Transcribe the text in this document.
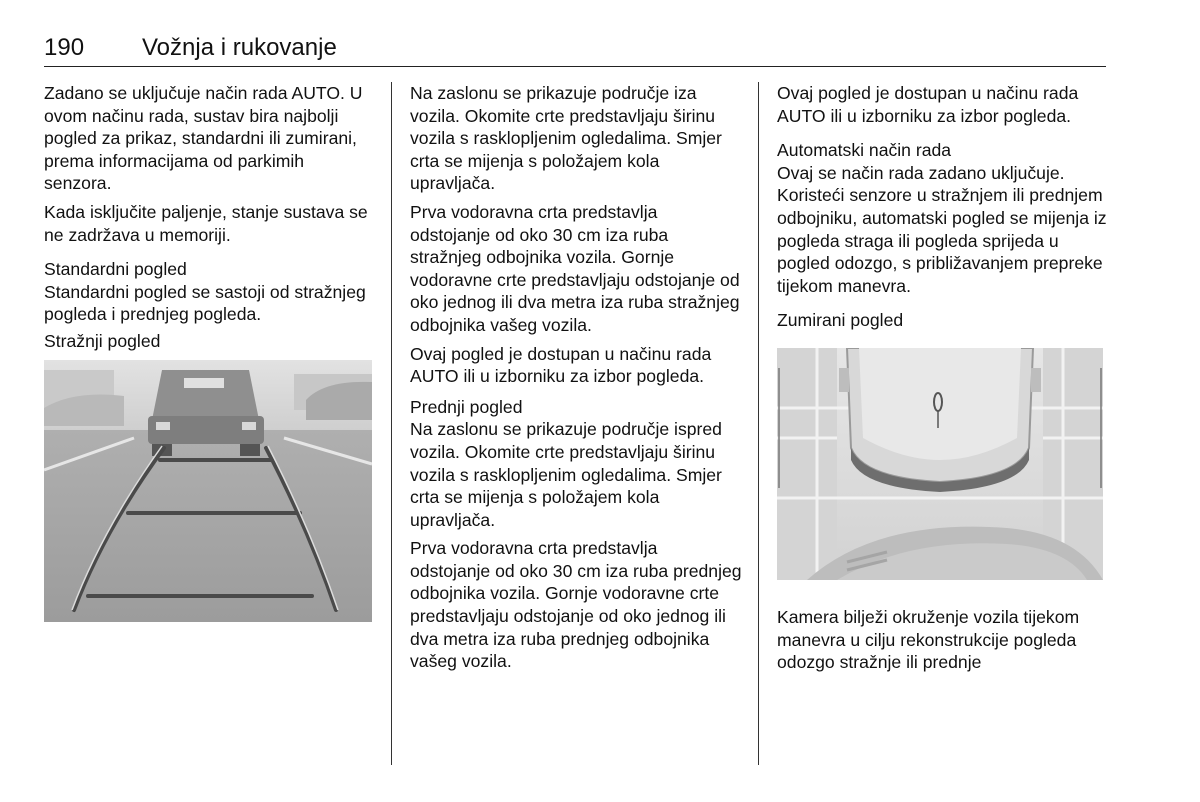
190 Vožnja i rukovanje

Zadano se uključuje način rada AUTO. U ovom načinu rada, sustav bira najbolji pogled za prikaz, standardni ili zumirani, prema informacijama od parkimih senzora.

Kada isključite paljenje, stanje sustava se ne zadržava u memoriji.

Standardni pogled

Standardni pogled se sastoji od stražnjeg pogleda i prednjeg pogleda.

Stražnji pogled

Na zaslonu se prikazuje područje iza vozila. Okomite crte predstavljaju širinu vozila s rasklopljenim ogledalima. Smjer crta se mijenja s položajem kola upravljača.

Prva vodoravna crta predstavlja odstojanje od oko 30 cm iza ruba stražnjeg odbojnika vozila. Gornje vodoravne crte predstavljaju odstojanje od oko jednog ili dva metra iza ruba stražnjeg odbojnika vašeg vozila.

Ovaj pogled je dostupan u načinu rada AUTO ili u izborniku za izbor pogleda.

Prednji pogled

Na zaslonu se prikazuje područje ispred vozila. Okomite crte predstavljaju širinu vozila s rasklopljenim ogledalima. Smjer crta se mijenja s položajem kola upravljača.

Prva vodoravna crta predstavlja odstojanje od oko 30 cm iza ruba prednjeg odbojnika vozila. Gornje vodoravne crte predstavljaju odstojanje od oko jednog ili dva metra iza ruba prednjeg odbojnika vašeg vozila.

Ovaj pogled je dostupan u načinu rada AUTO ili u izborniku za izbor pogleda.

Automatski način rada

Ovaj se način rada zadano uključuje. Koristeći senzore u stražnjem ili prednjem odbojniku, automatski pogled se mijenja iz pogleda straga ili pogleda sprijeda u pogled odozgo, s približavanjem prepreke tijekom manevra.

Zumirani pogled

Kamera bilježi okruženje vozila tijekom manevra u cilju rekonstrukcije pogleda odozgo stražnje ili prednje
